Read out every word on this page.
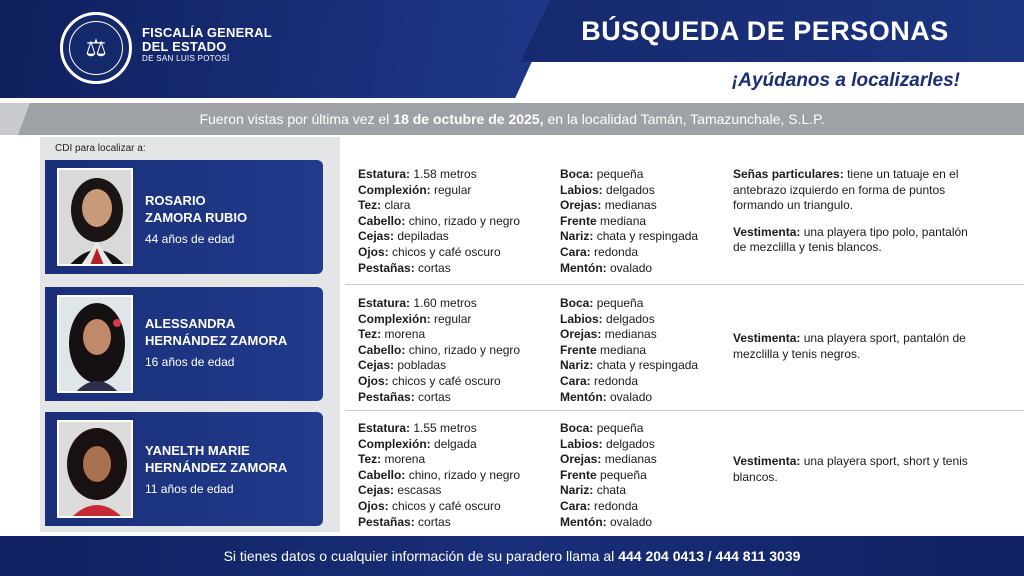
⚖
FISCALÍA GENERAL
DEL ESTADO
DE SAN LUIS POTOSÍ
BÚSQUEDA DE PERSONAS
¡Ayúdanos a localizarles!
Fueron vistas por última vez el 18 de octubre de 2025, en la localidad Tamán, Tamazunchale, S.L.P.
CDI para localizar a:
ROSARIO
ZAMORA RUBIO
44 años de edad
ALESSANDRA
HERNÁNDEZ ZAMORA
16 años de edad
YANELTH MARIE
HERNÁNDEZ ZAMORA
11 años de edad
Estatura: 1.58 metros
Complexión: regular
Tez: clara
Cabello: chino, rizado y negro
Cejas: depiladas
Ojos: chicos y café oscuro
Pestañas: cortas
Boca: pequeña
Labios: delgados
Orejas: medianas
Frente mediana
Nariz: chata y respingada
Cara: redonda
Mentón: ovalado
Señas particulares: tiene un tatuaje en el antebrazo izquierdo en forma de puntos formando un triangulo.
Vestimenta: una playera tipo polo, pantalón de mezclilla y tenis blancos.
Estatura: 1.60 metros
Complexión: regular
Tez: morena
Cabello: chino, rizado y negro
Cejas: pobladas
Ojos: chicos y café oscuro
Pestañas: cortas
Boca: pequeña
Labios: delgados
Orejas: medianas
Frente mediana
Nariz: chata y respingada
Cara: redonda
Mentón: ovalado
Vestimenta: una playera sport, pantalón de mezclilla y tenis negros.
Estatura: 1.55 metros
Complexión: delgada
Tez: morena
Cabello: chino, rizado y negro
Cejas: escasas
Ojos: chicos y café oscuro
Pestañas: cortas
Boca: pequeña
Labios: delgados
Orejas: medianas
Frente pequeña
Nariz: chata
Cara: redonda
Mentón: ovalado
Vestimenta: una playera sport, short y tenis blancos.
Si tienes datos o cualquier información de su paradero llama al 444 204 0413 / 444 811 3039
